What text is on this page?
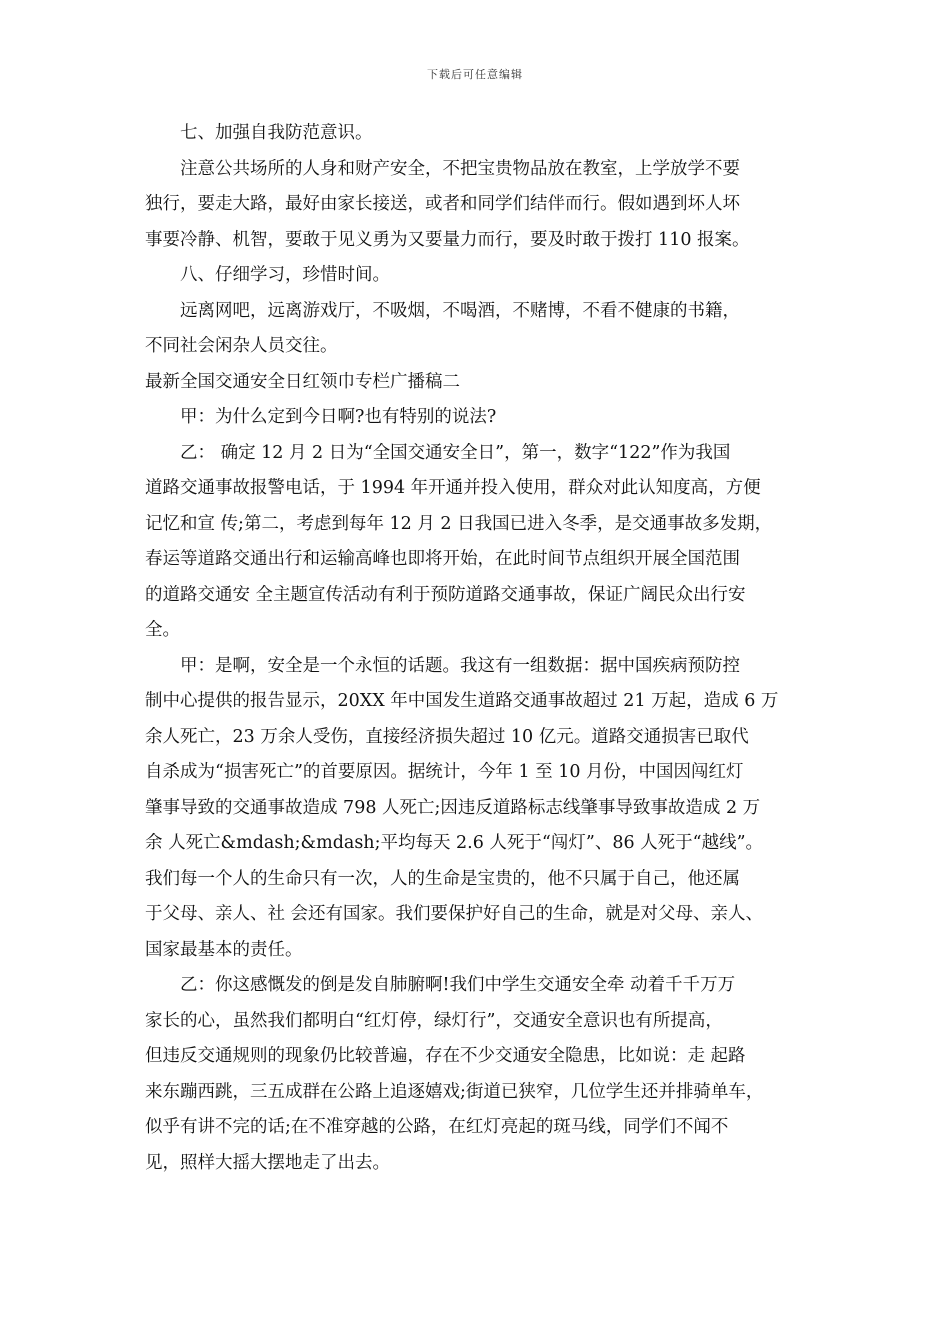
下载后可任意编辑
七、加强自我防范意识。
注意公共场所的人身和财产安全，不把宝贵物品放在教室，上学放学不要
独行，要走大路，最好由家长接送，或者和同学们结伴而行。假如遇到坏人坏
事要冷静、机智，要敢于见义勇为又要量力而行，要及时敢于拨打 110 报案。
八、仔细学习，珍惜时间。
远离网吧，远离游戏厅，不吸烟，不喝酒，不赌博，不看不健康的书籍，
不同社会闲杂人员交往。
最新全国交通安全日红领巾专栏广播稿二
甲：为什么定到今日啊?也有特别的说法?
乙： 确定 12 月 2 日为“全国交通安全日”，第一，数字“122”作为我国
道路交通事故报警电话，于 1994 年开通并投入使用，群众对此认知度高，方便
记忆和宣 传;第二，考虑到每年 12 月 2 日我国已进入冬季，是交通事故多发期，
春运等道路交通出行和运输高峰也即将开始，在此时间节点组织开展全国范围
的道路交通安 全主题宣传活动有利于预防道路交通事故，保证广阔民众出行安
全。
甲：是啊，安全是一个永恒的话题。我这有一组数据：据中国疾病预防控
制中心提供的报告显示，20XX 年中国发生道路交通事故超过 21 万起，造成 6 万
余人死亡，23 万余人受伤，直接经济损失超过 10 亿元。道路交通损害已取代
自杀成为“损害死亡”的首要原因。据统计，今年 1 至 10 月份，中国因闯红灯
肇事导致的交通事故造成 798 人死亡;因违反道路标志线肇事导致事故造成 2 万
余 人死亡&mdash;&mdash;平均每天 2.6 人死于“闯灯”、86 人死于“越线”。
我们每一个人的生命只有一次，人的生命是宝贵的，他不只属于自己，他还属
于父母、亲人、社 会还有国家。我们要保护好自己的生命，就是对父母、亲人、
国家最基本的责任。
乙：你这感慨发的倒是发自肺腑啊!我们中学生交通安全牵 动着千千万万
家长的心，虽然我们都明白“红灯停，绿灯行”，交通安全意识也有所提高，
但违反交通规则的现象仍比较普遍，存在不少交通安全隐患，比如说：走 起路
来东蹦西跳，三五成群在公路上追逐嬉戏;街道已狭窄，几位学生还并排骑单车，
似乎有讲不完的话;在不准穿越的公路，在红灯亮起的斑马线，同学们不闻不
见，照样大摇大摆地走了出去。
